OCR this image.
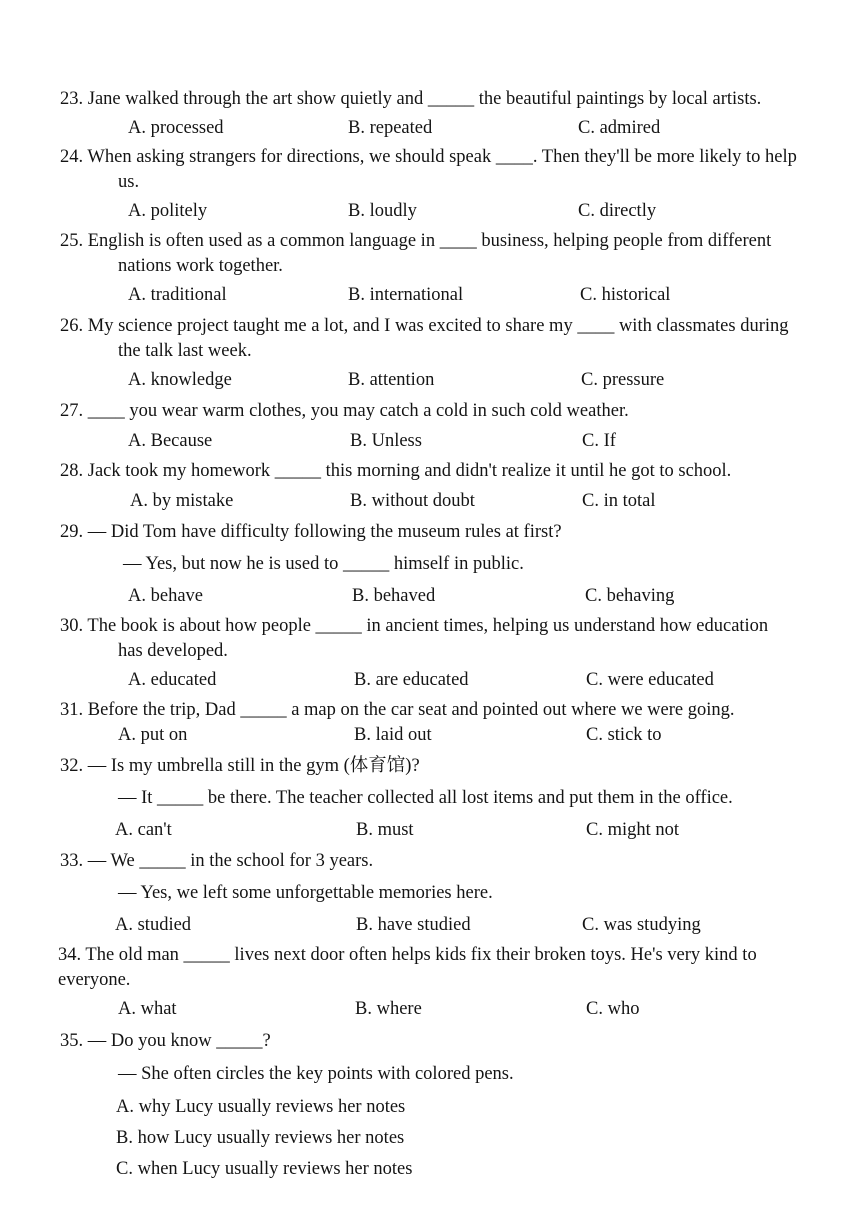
23. Jane walked through the art show quietly and _____ the beautiful paintings by local artists.
A. processed	B. repeated	C. admired
24. When asking strangers for directions, we should speak ____. Then they'll be more likely to help
us.
A. politely	B. loudly	C. directly
25. English is often used as a common language in ____ business, helping people from different
nations work together.
A. traditional	B. international	C. historical
26. My science project taught me a lot, and I was excited to share my ____ with classmates during
the talk last week.
A. knowledge	B. attention	C. pressure
27. ____ you wear warm clothes, you may catch a cold in such cold weather.
A. Because	B. Unless	C. If
28. Jack took my homework _____ this morning and didn't realize it until he got to school.
A. by mistake	B. without doubt	C. in total
29. — Did Tom have difficulty following the museum rules at first?
— Yes, but now he is used to _____ himself in public.
A. behave	B. behaved	C. behaving
30. The book is about how people _____ in ancient times, helping us understand how education
has developed.
A. educated	B. are educated	C. were educated
31. Before the trip, Dad _____ a map on the car seat and pointed out where we were going.
A. put on	B. laid out	C. stick to
32. — Is my umbrella still in the gym (体育馆)?
— It _____ be there. The teacher collected all lost items and put them in the office.
A. can't	B. must	C. might not
33. — We _____ in the school for 3 years.
— Yes, we left some unforgettable memories here.
A. studied	B. have studied	C. was studying
34. The old man _____ lives next door often helps kids fix their broken toys. He's very kind to
everyone.
A. what	B. where	C. who
35. — Do you know _____?
— She often circles the key points with colored pens.
A. why Lucy usually reviews her notes
B. how Lucy usually reviews her notes
C. when Lucy usually reviews her notes
